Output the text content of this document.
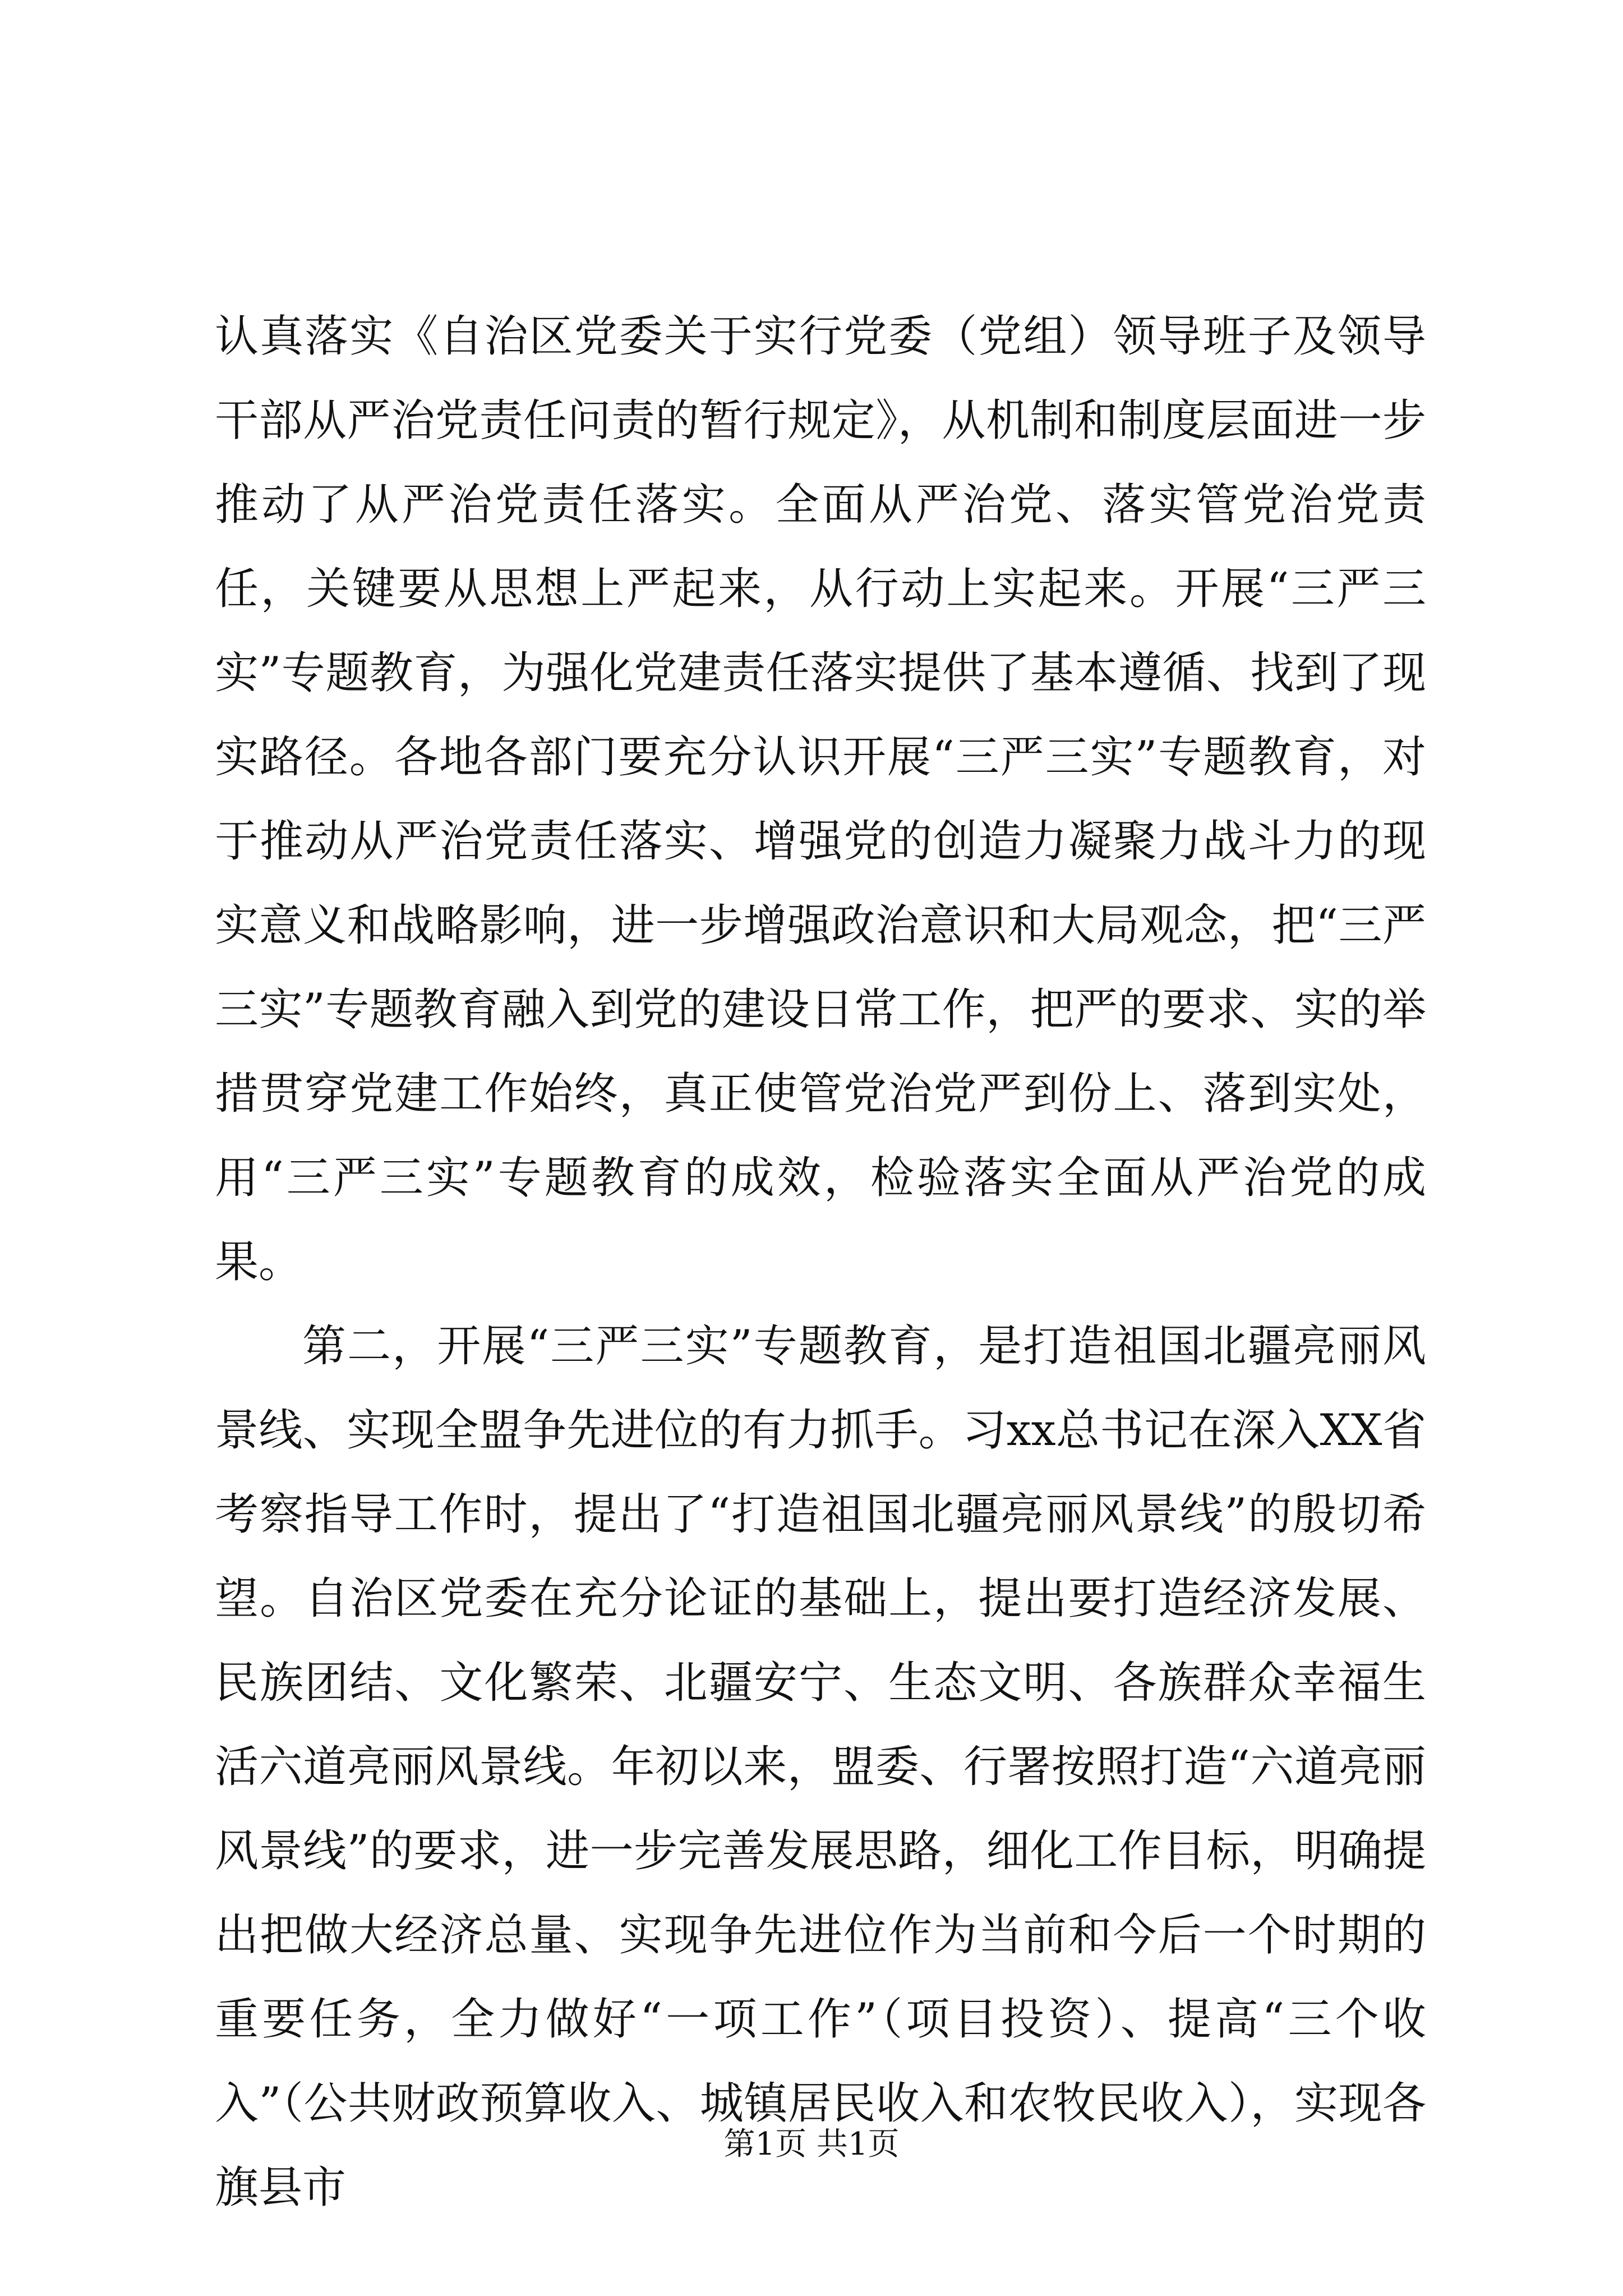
认真落实《自治区党委关于实行党委（党组）领导班子及领导干部从严治党责任问责的暂行规定》，从机制和制度层面进一步推动了从严治党责任落实。全面从严治党、落实管党治党责任，关键要从思想上严起来，从行动上实起来。开展“三严三实”专题教育，为强化党建责任落实提供了基本遵循、找到了现实路径。各地各部门要充分认识开展“三严三实”专题教育，对于推动从严治党责任落实、增强党的创造力凝聚力战斗力的现实意义和战略影响，进一步增强政治意识和大局观念，把“三严三实”专题教育融入到党的建设日常工作，把严的要求、实的举措贯穿党建工作始终，真正使管党治党严到份上、落到实处，用“三严三实”专题教育的成效，检验落实全面从严治党的成果。

第二，开展“三严三实”专题教育，是打造祖国北疆亮丽风景线、实现全盟争先进位的有力抓手。习xx总书记在深入XX省考察指导工作时，提出了“打造祖国北疆亮丽风景线”的殷切希望。自治区党委在充分论证的基础上，提出要打造经济发展、民族团结、文化繁荣、北疆安宁、生态文明、各族群众幸福生活六道亮丽风景线。年初以来，盟委、行署按照打造“六道亮丽风景线”的要求，进一步完善发展思路，细化工作目标，明确提出把做大经济总量、实现争先进位作为当前和今后一个时期的重要任务，全力做好“一项工作”（项目投资）、提高“三个收入”（公共财政预算收入、城镇居民收入和农牧民收入），实现各旗县市

第1页 共1页
